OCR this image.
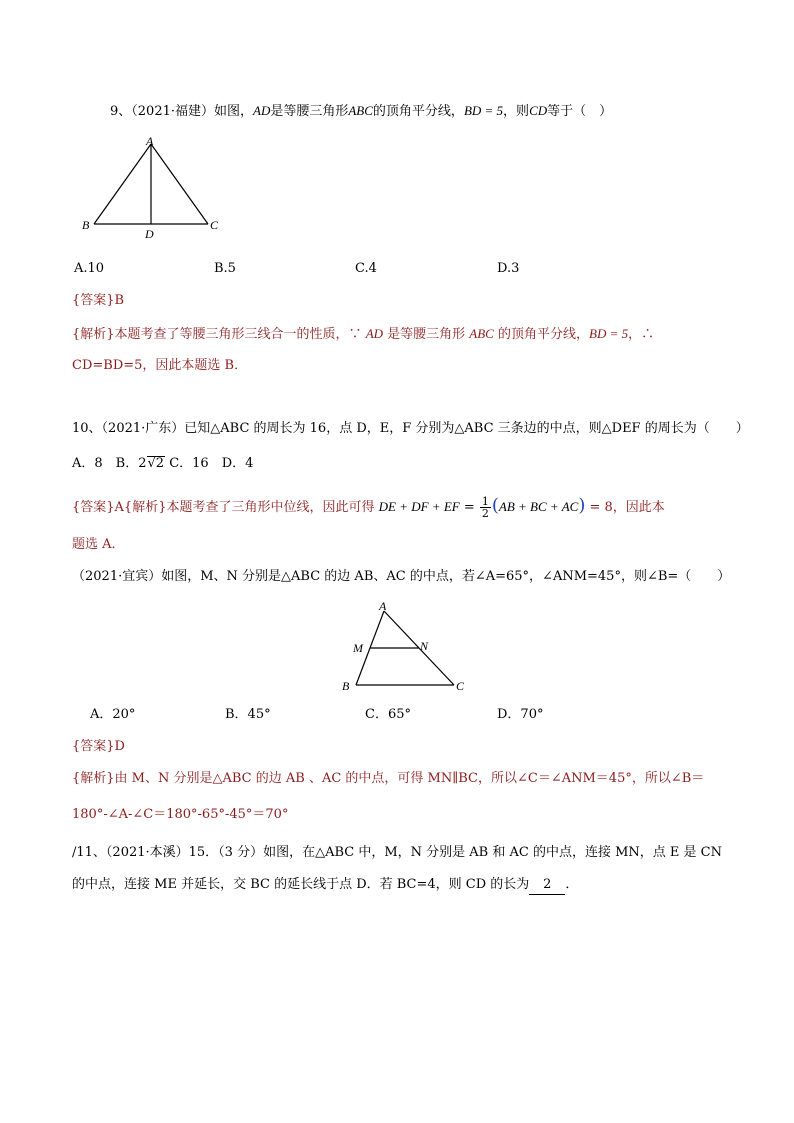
9、（2021·福建）如图，AD是等腰三角形ABC的顶角平分线，BD = 5，则CD等于（　）
A
B	C
D
A.10	B.5	C.4	D.3
{答案}B
{解析}本题考查了等腰三角形三线合一的性质，∵ AD 是等腰三角形 ABC 的顶角平分线，BD = 5，∴
CD=BD=5，因此本题选 B．
10、（2021·广东）已知△ABC 的周长为 16，点 D，E，F 分别为△ABC 三条边的中点，则△DEF 的周长为（　　）
A．8　B．2√2 C．16　D．4
{答案}A{解析}本题考查了三角形中位线，因此可得 DE + DF + EF = $\frac{1}{2} (AB$ + BC + AC) = 8，因此本
题选 A．
（2021·宜宾）如图，M、N 分别是△ABC 的边 AB、AC 的中点，若∠A=65°，∠ANM=45°，则∠B=（　　）
A
M	N
B	C
A．20°	B．45°	C．65°	D．70°
{答案}D
{解析}由 M、N 分别是△ABC 的边 AB 、AC 的中点，可得 MN∥BC，所以∠C＝∠ANM＝45°，所以∠B＝
180°-∠A-∠C＝180°-65°-45°＝70°
/11、（2021·本溪）15．（3 分）如图，在△ABC 中，M，N 分别是 AB 和 AC 的中点，连接 MN，点 E 是 CN
的中点，连接 ME 并延长，交 BC 的延长线于点 D．若 BC=4，则 CD 的长为 2 ．
